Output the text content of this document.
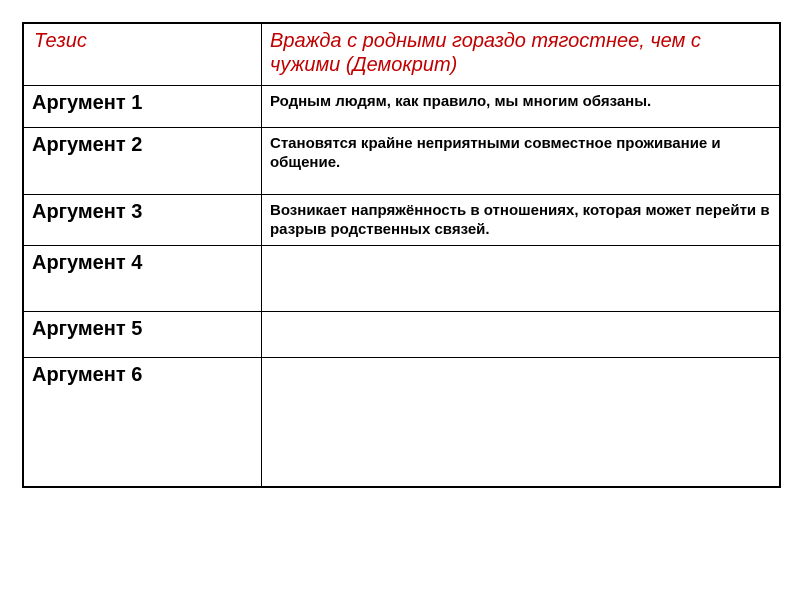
Тезис	Вражда с родными гораздо тягостнее, чем с чужими (Демокрит)

Аргумент 1	Родным людям, как правило, мы многим обязаны.

Аргумент 2	Становятся крайне неприятными совместное проживание и общение.

Аргумент 3	Возникает напряжённость в отношениях, которая может перейти в разрыв родственных связей.

Аргумент 4	

Аргумент 5	

Аргумент 6	
